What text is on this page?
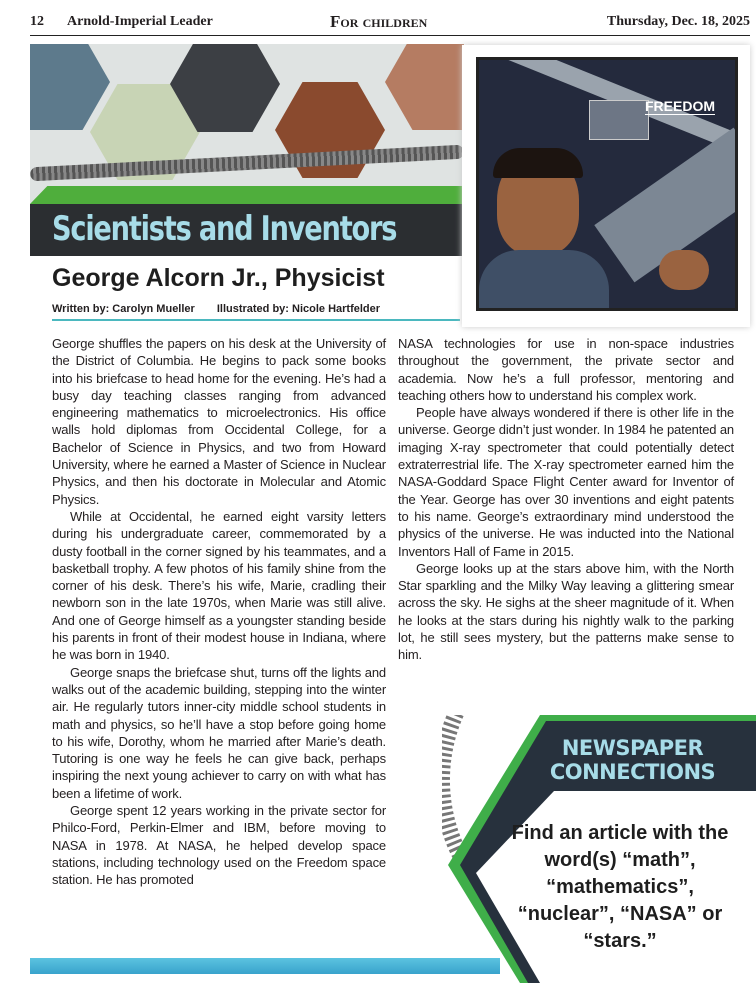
12 Arnold-Imperial Leader	For children	Thursday, Dec. 18, 2025
Scientists and Inventors
George Alcorn Jr., Physicist
Written by: Carolyn Mueller Illustrated by: Nicole Hartfelder
FREEDOM

George shuffles the papers on his desk at the University of the District of Columbia. He begins to pack some books into his briefcase to head home for the evening. He’s had a busy day teaching classes ranging from advanced engineering mathematics to microelectronics. His office walls hold diplomas from Occidental College, for a Bachelor of Science in Physics, and two from Howard University, where he earned a Master of Science in Nuclear Physics, and then his doctorate in Molecular and Atomic Physics.

While at Occidental, he earned eight varsity letters during his undergraduate career, commemorated by a dusty football in the corner signed by his teammates, and a basketball trophy. A few photos of his family shine from the corner of his desk. There’s his wife, Marie, cradling their newborn son in the late 1970s, when Marie was still alive. And one of George himself as a youngster standing beside his parents in front of their modest house in Indiana, where he was born in 1940.

George snaps the briefcase shut, turns off the lights and walks out of the academic building, stepping into the winter air. He regularly tutors inner-city middle school students in math and physics, so he’ll have a stop before going home to his wife, Dorothy, whom he married after Marie’s death. Tutoring is one way he feels he can give back, perhaps inspiring the next young achiever to carry on with what has been a lifetime of work.

George spent 12 years working in the private sector for Philco-Ford, Perkin-Elmer and IBM, before moving to NASA in 1978. At NASA, he helped develop space stations, including technology used on the Freedom space station. He has promoted

NASA technologies for use in non-space industries throughout the government, the private sector and academia. Now he’s a full professor, mentoring and teaching others how to understand his complex work.

People have always wondered if there is other life in the universe. George didn’t just wonder. In 1984 he patented an imaging X-ray spectrometer that could potentially detect extraterrestrial life. The X-ray spectrometer earned him the NASA-Goddard Space Flight Center award for Inventor of the Year. George has over 30 inventions and eight patents to his name. George’s extraordinary mind understood the physics of the universe. He was inducted into the National Inventors Hall of Fame in 2015.

George looks up at the stars above him, with the North Star sparkling and the Milky Way leaving a glittering smear across the sky. He sighs at the sheer magnitude of it. When he looks at the stars during his nightly walk to the parking lot, he still sees mystery, but the patterns make sense to him.

NEWSPAPER
CONNECTIONS
Find an article with the word(s) “math”, “mathematics”, “nuclear”, “NASA” or “stars.”
